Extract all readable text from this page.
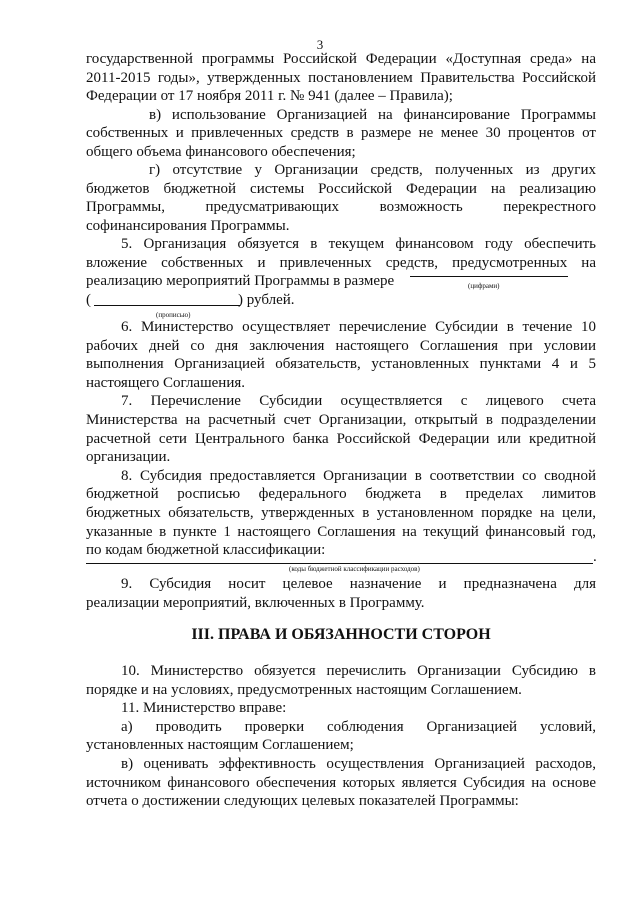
3
государственной программы Российской Федерации «Доступная среда» на
2011-2015 годы», утвержденных постановлением Правительства Российской
Федерации от 17 ноября 2011 г. № 941 (далее – Правила);
в) использование Организацией на финансирование Программы
собственных и привлеченных средств в размере не менее 30 процентов от
общего объема финансового обеспечения;
г) отсутствие у Организации средств, полученных из других
бюджетов бюджетной системы Российской Федерации на реализацию
Программы, предусматривающих возможность перекрестного
софинансирования Программы.
5. Организация обязуется в текущем финансовом году обеспечить
вложение собственных и привлеченных средств, предусмотренных на
реализацию мероприятий Программы в размере	(цифрами)
(	) рублей.
(прописью)
6. Министерство осуществляет перечисление Субсидии в течение 10
рабочих дней со дня заключения настоящего Соглашения при условии
выполнения Организацией обязательств, установленных пунктами 4 и 5
настоящего Соглашения.
7. Перечисление Субсидии осуществляется с лицевого счета
Министерства на расчетный счет Организации, открытый в подразделении
расчетной сети Центрального банка Российской Федерации или кредитной
организации.
8. Субсидия предоставляется Организации в соответствии со сводной
бюджетной росписью федерального бюджета в пределах лимитов
бюджетных обязательств, утвержденных в установленном порядке на цели,
указанные в пункте 1 настоящего Соглашения на текущий финансовый год,
по кодам бюджетной классификации:	.
(коды бюджетной классификации расходов)
9. Субсидия носит целевое назначение и предназначена для
реализации мероприятий, включенных в Программу.
III. ПРАВА И ОБЯЗАННОСТИ СТОРОН
10. Министерство обязуется перечислить Организации Субсидию в
порядке и на условиях, предусмотренных настоящим Соглашением.
11. Министерство вправе:
а) проводить проверки соблюдения Организацией условий,
установленных настоящим Соглашением;
в) оценивать эффективность осуществления Организацией расходов,
источником финансового обеспечения которых является Субсидия на основе
отчета о достижении следующих целевых показателей Программы:
